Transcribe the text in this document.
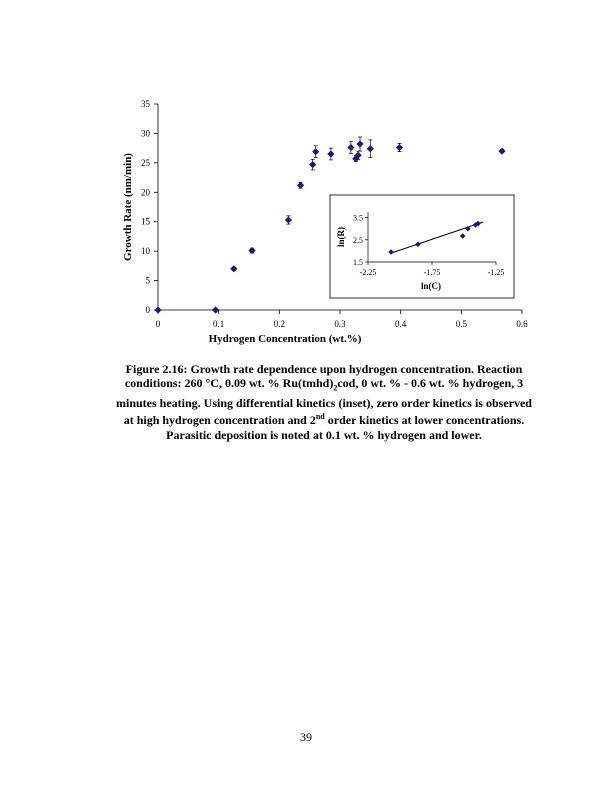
0
5
10
15
20
25
30
35
0	0.1	0.2	0.3	0.4	0.5	0.6
Hydrogen Concentration (wt.%)
Growth Rate (nm/min)
1.5
2.5
3.5
-2.25	-1.75	-1.25
ln(C)
ln(R)
Figure 2.16: Growth rate dependence upon hydrogen concentration. Reaction conditions: 260 °C, 0.09 wt. % $Ru(tmhd)_2cod$, 0 wt. % - 0.6 wt. % hydrogen, 3 minutes heating. Using differential kinetics (inset), zero order kinetics is observed at high hydrogen concentration and 2nd order kinetics at lower concentrations. Parasitic deposition is noted at 0.1 wt. % hydrogen and lower.
39
